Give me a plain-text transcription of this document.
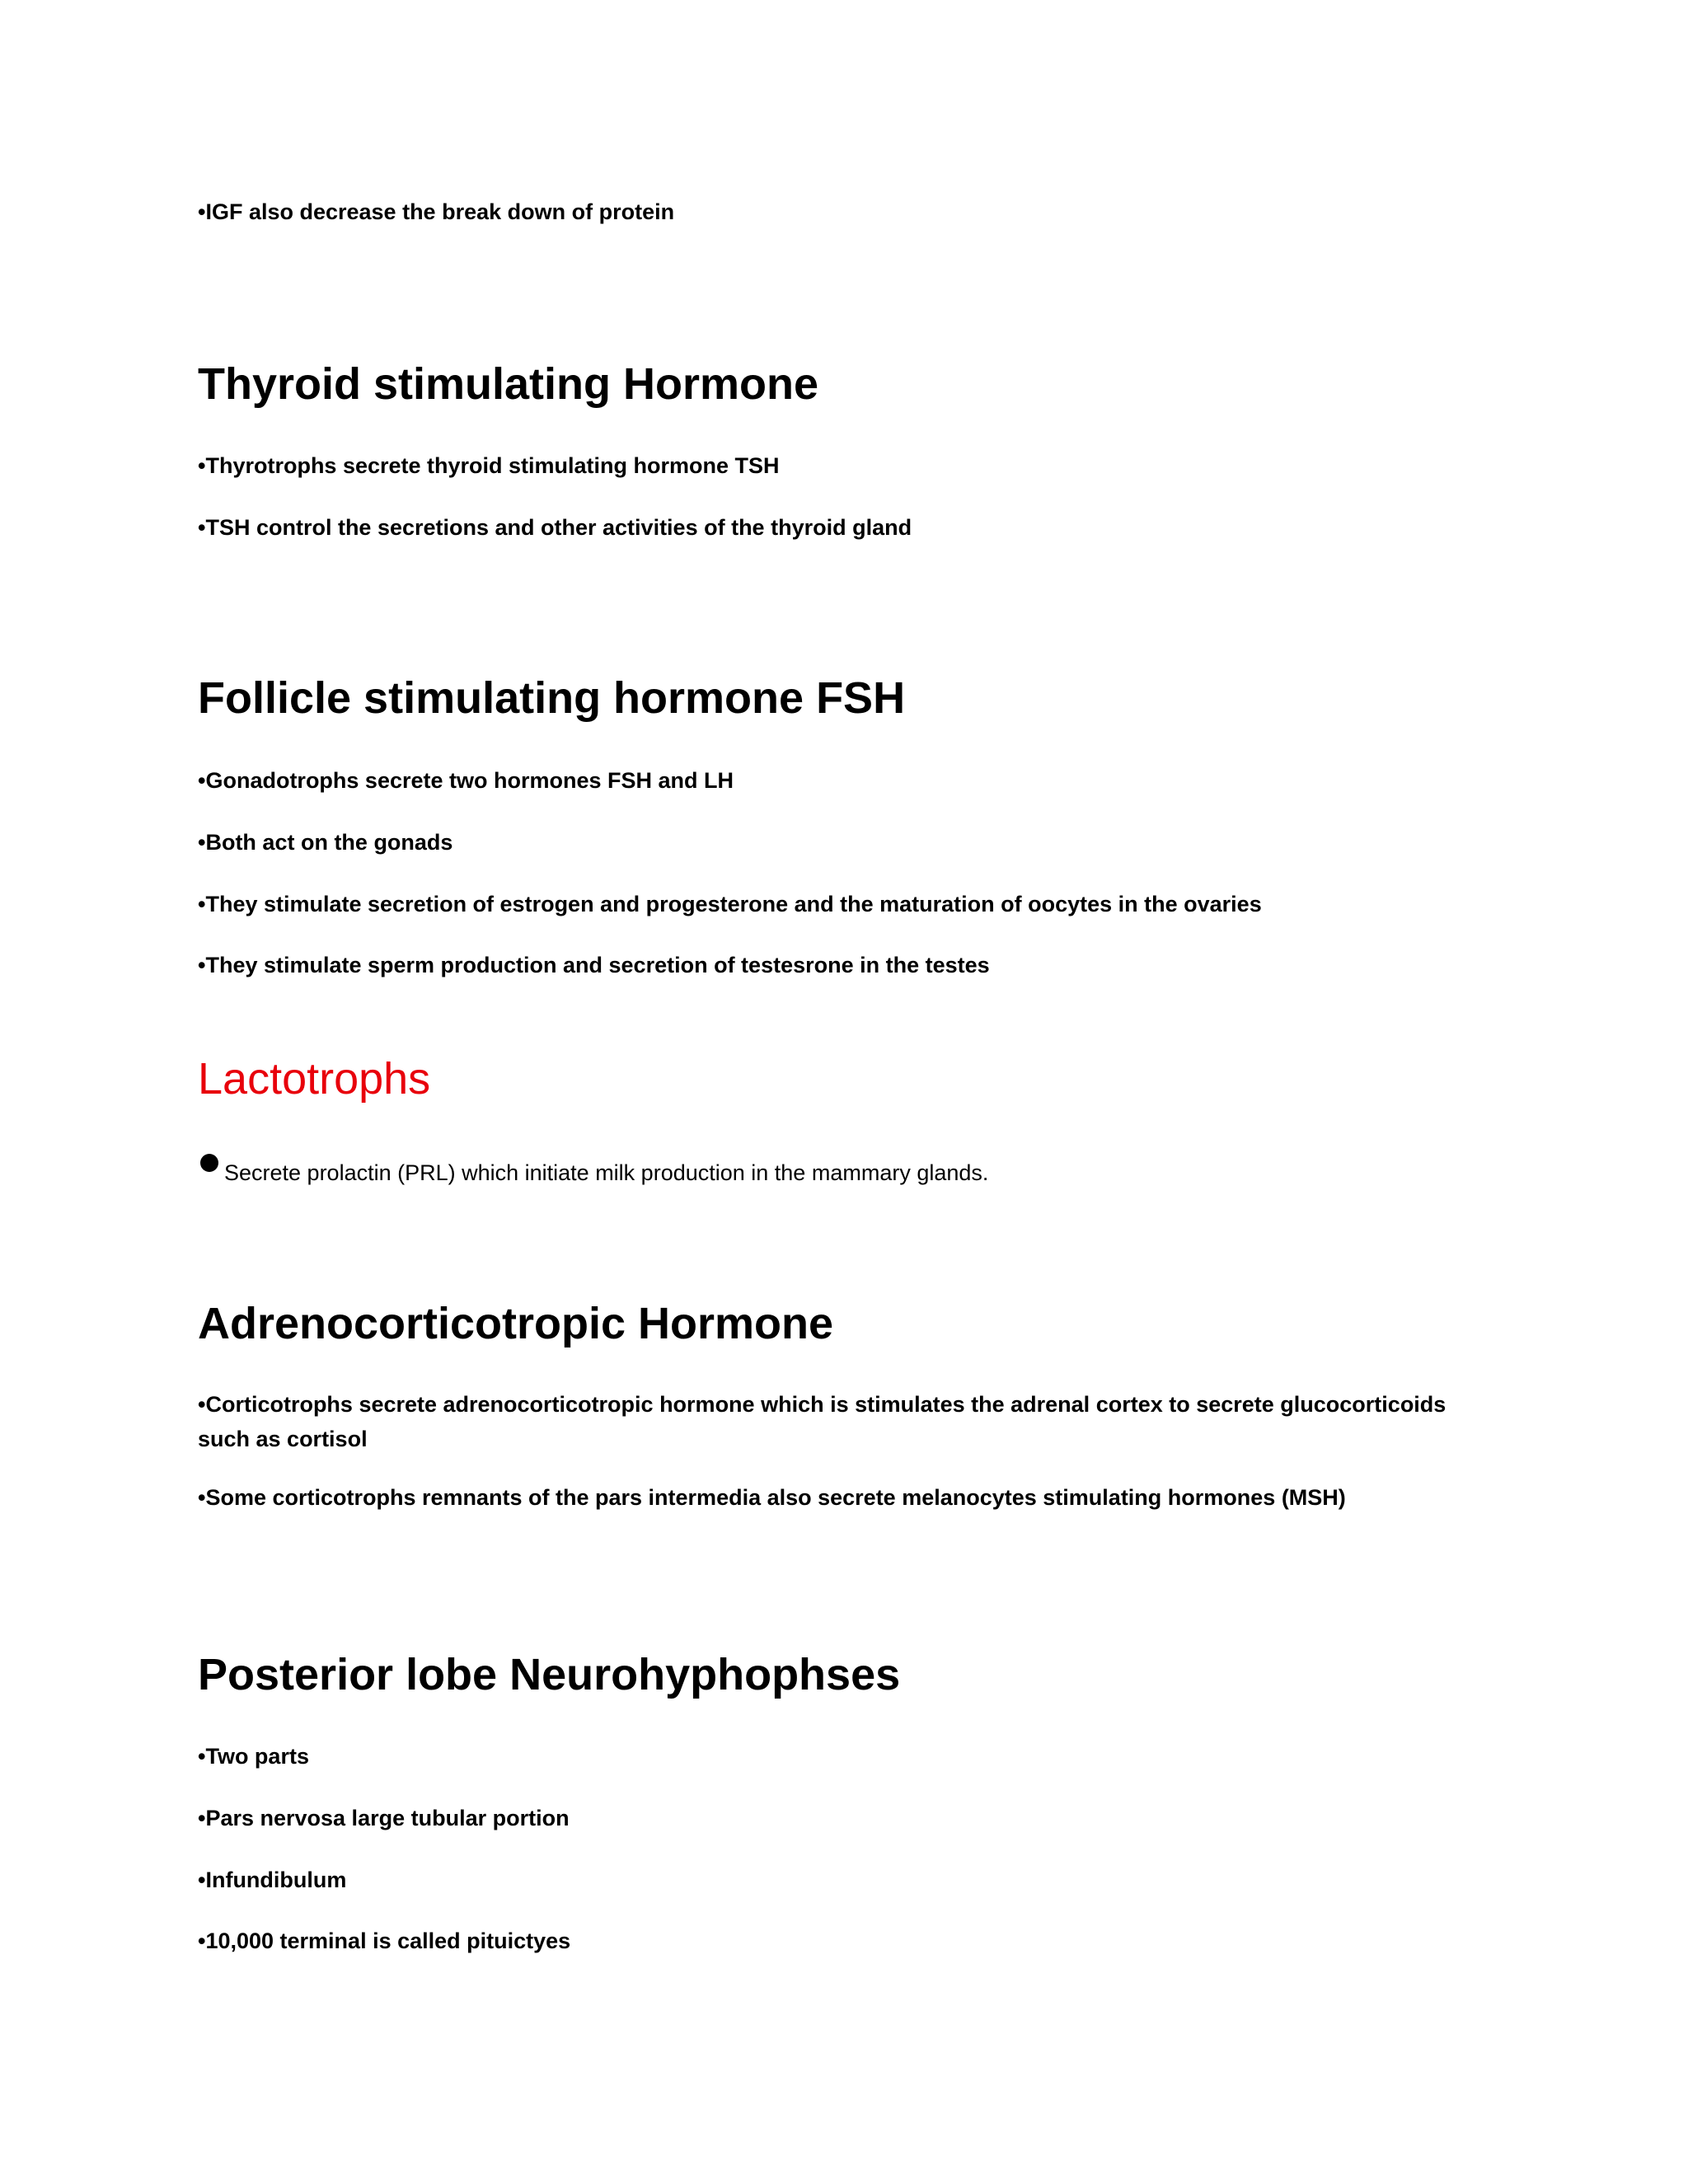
•IGF also decrease the break down of protein
Thyroid stimulating Hormone
•Thyrotrophs secrete thyroid stimulating hormone TSH
•TSH control the secretions and other activities of the thyroid gland
Follicle stimulating hormone FSH
•Gonadotrophs secrete two hormones FSH and LH
•Both act on the gonads
•They stimulate secretion of estrogen and progesterone and the maturation of oocytes in the ovaries
•They stimulate sperm production and secretion of testesrone in the testes
Lactotrophs
Secrete prolactin (PRL) which initiate milk production in the mammary glands.
Adrenocorticotropic Hormone
•Corticotrophs secrete adrenocorticotropic hormone which is stimulates the adrenal cortex to secrete glucocorticoids such as cortisol
•Some corticotrophs remnants of the pars intermedia also secrete melanocytes stimulating hormones (MSH)
Posterior lobe Neurohyphophses
•Two parts
•Pars nervosa large tubular portion
•Infundibulum
•10,000 terminal is called pituictyes
